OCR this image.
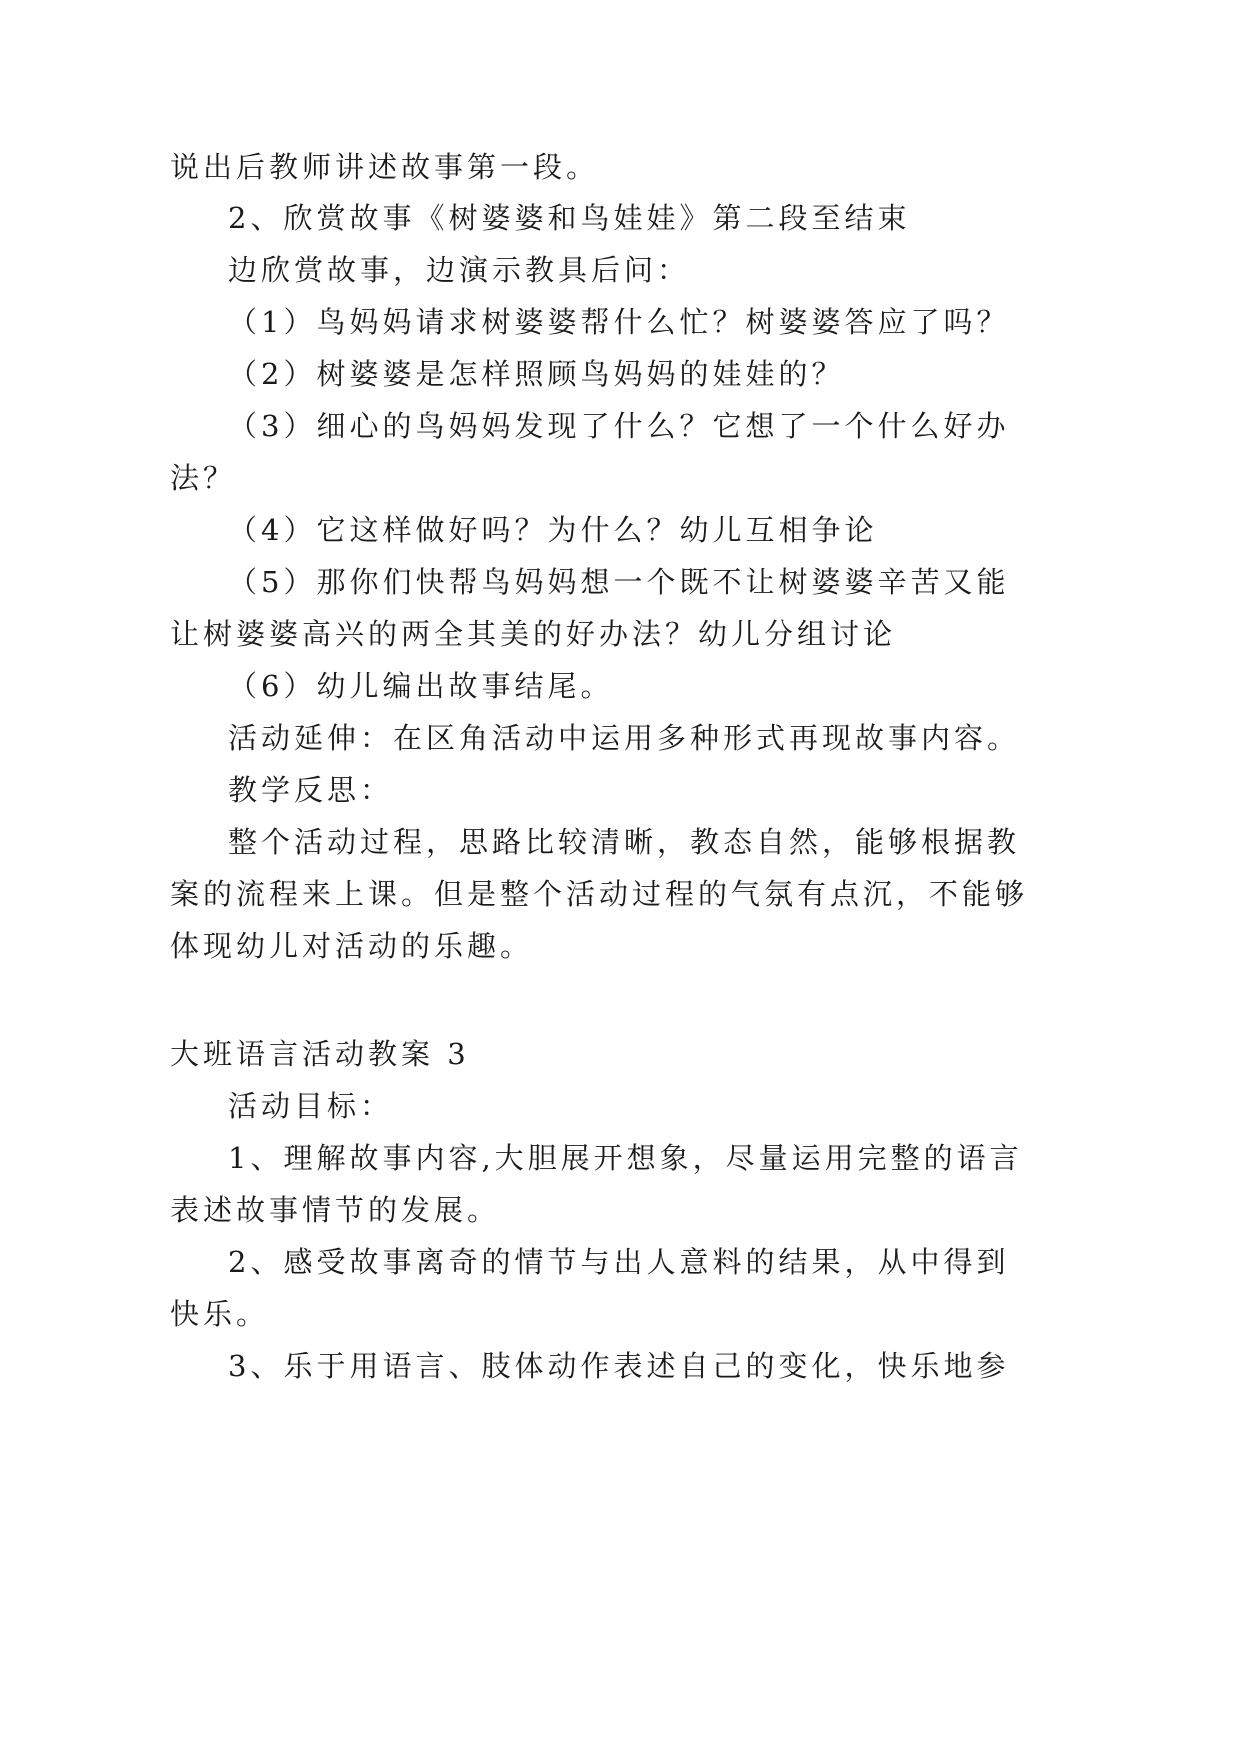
说出后教师讲述故事第一段。
2、欣赏故事《树婆婆和鸟娃娃》第二段至结束
边欣赏故事，边演示教具后问：
（1）鸟妈妈请求树婆婆帮什么忙？树婆婆答应了吗？
（2）树婆婆是怎样照顾鸟妈妈的娃娃的？
（3）细心的鸟妈妈发现了什么？它想了一个什么好办
法？
（4）它这样做好吗？为什么？幼儿互相争论
（5）那你们快帮鸟妈妈想一个既不让树婆婆辛苦又能
让树婆婆高兴的两全其美的好办法？幼儿分组讨论
（6）幼儿编出故事结尾。
活动延伸：在区角活动中运用多种形式再现故事内容。
教学反思：
整个活动过程，思路比较清晰，教态自然，能够根据教
案的流程来上课。但是整个活动过程的气氛有点沉，不能够
体现幼儿对活动的乐趣。
大班语言活动教案 3
活动目标：
1、理解故事内容,大胆展开想象，尽量运用完整的语言
表述故事情节的发展。
2、感受故事离奇的情节与出人意料的结果，从中得到
快乐。
3、乐于用语言、肢体动作表述自己的变化，快乐地参
